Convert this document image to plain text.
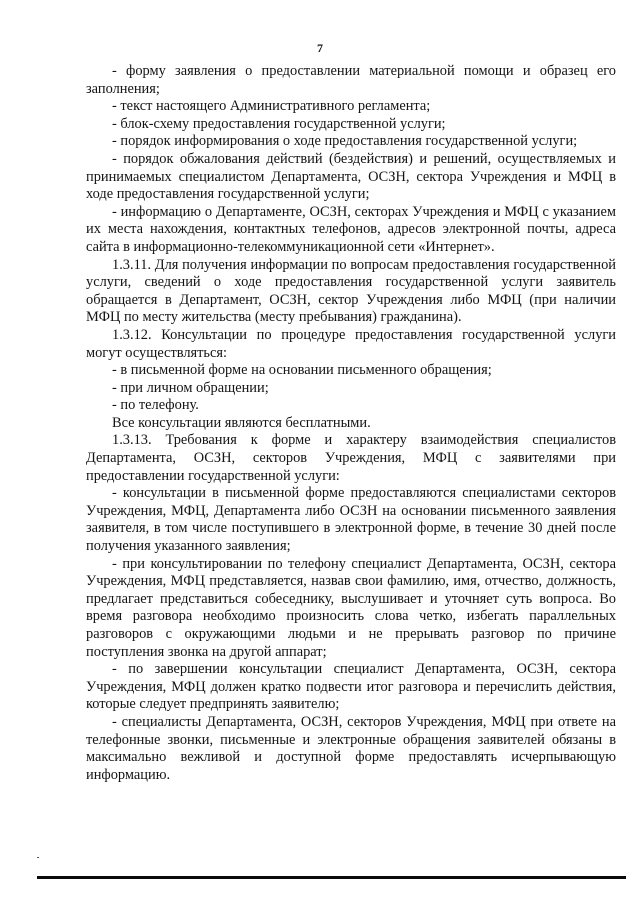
7

- форму заявления о предоставлении материальной помощи и образец его заполнения;

- текст настоящего Административного регламента;

- блок-схему предоставления государственной услуги;

- порядок информирования о ходе предоставления государственной услуги;

- порядок обжалования действий (бездействия) и решений, осуществляемых и принимаемых специалистом Департамента, ОСЗН, сектора Учреждения и МФЦ в ходе предоставления государственной услуги;

- информацию о Департаменте, ОСЗН, секторах Учреждения и МФЦ с указанием их места нахождения, контактных телефонов, адресов электронной почты, адреса сайта в информационно-телекоммуникационной сети «Интернет».

1.3.11. Для получения информации по вопросам предоставления государственной услуги, сведений о ходе предоставления государственной услуги заявитель обращается в Департамент, ОСЗН, сектор Учреждения либо МФЦ (при наличии МФЦ по месту жительства (месту пребывания) гражданина).

1.3.12. Консультации по процедуре предоставления государственной услуги могут осуществляться:

- в письменной форме на основании письменного обращения;

- при личном обращении;

- по телефону.

Все консультации являются бесплатными.

1.3.13. Требования к форме и характеру взаимодействия специалистов Департамента, ОСЗН, секторов Учреждения, МФЦ с заявителями при предоставлении государственной услуги:

- консультации в письменной форме предоставляются специалистами секторов Учреждения, МФЦ, Департамента либо ОСЗН на основании письменного заявления заявителя, в том числе поступившего в электронной форме, в течение 30 дней после получения указанного заявления;

- при консультировании по телефону специалист Департамента, ОСЗН, сектора Учреждения, МФЦ представляется, назвав свои фамилию, имя, отчество, должность, предлагает представиться собеседнику, выслушивает и уточняет суть вопроса. Во время разговора необходимо произносить слова четко, избегать параллельных разговоров с окружающими людьми и не прерывать разговор по причине поступления звонка на другой аппарат;

- по завершении консультации специалист Департамента, ОСЗН, сектора Учреждения, МФЦ должен кратко подвести итог разговора и перечислить действия, которые следует предпринять заявителю;

- специалисты Департамента, ОСЗН, секторов Учреждения, МФЦ при ответе на телефонные звонки, письменные и электронные обращения заявителей обязаны в максимально вежливой и доступной форме предоставлять исчерпывающую информацию.
